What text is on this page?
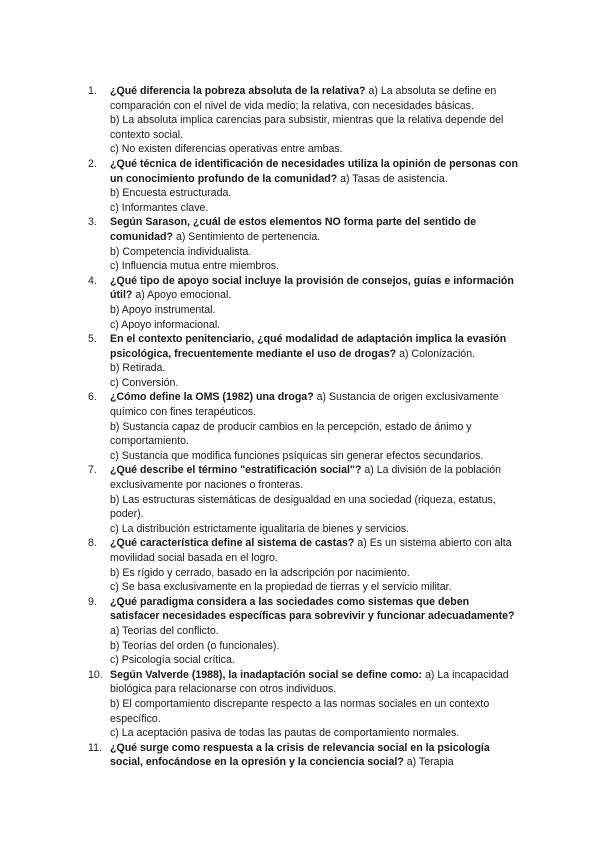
1. ¿Qué diferencia la pobreza absoluta de la relativa? a) La absoluta se define en comparación con el nivel de vida medio; la relativa, con necesidades básicas.
b) La absoluta implica carencias para subsistir, mientras que la relativa depende del contexto social.
c) No existen diferencias operativas entre ambas.
2. ¿Qué técnica de identificación de necesidades utiliza la opinión de personas con un conocimiento profundo de la comunidad? a) Tasas de asistencia.
b) Encuesta estructurada.
c) Informantes clave.
3. Según Sarason, ¿cuál de estos elementos NO forma parte del sentido de comunidad? a) Sentimiento de pertenencia.
b) Competencia individualista.
c) Influencia mutua entre miembros.
4. ¿Qué tipo de apoyo social incluye la provisión de consejos, guías e información útil? a) Apoyo emocional.
b) Apoyo instrumental.
c) Apoyo informacional.
5. En el contexto penitenciario, ¿qué modalidad de adaptación implica la evasión psicológica, frecuentemente mediante el uso de drogas? a) Colonización.
b) Retirada.
c) Conversión.
6. ¿Cómo define la OMS (1982) una droga? a) Sustancia de origen exclusivamente químico con fines terapéuticos.
b) Sustancia capaz de producir cambios en la percepción, estado de ánimo y comportamiento.
c) Sustancia que modifica funciones psíquicas sin generar efectos secundarios.
7. ¿Qué describe el término "estratificación social"? a) La división de la población exclusivamente por naciones o fronteras.
b) Las estructuras sistemáticas de desigualdad en una sociedad (riqueza, estatus, poder).
c) La distribución estrictamente igualitaria de bienes y servicios.
8. ¿Qué característica define al sistema de castas? a) Es un sistema abierto con alta movilidad social basada en el logro.
b) Es rígido y cerrado, basado en la adscripción por nacimiento.
c) Se basa exclusivamente en la propiedad de tierras y el servicio militar.
9. ¿Qué paradigma considera a las sociedades como sistemas que deben satisfacer necesidades específicas para sobrevivir y funcionar adecuadamente? a) Teorías del conflicto.
b) Teorías del orden (o funcionales).
c) Psicología social crítica.
10. Según Valverde (1988), la inadaptación social se define como: a) La incapacidad biológica para relacionarse con otros individuos.
b) El comportamiento discrepante respecto a las normas sociales en un contexto específico.
c) La aceptación pasiva de todas las pautas de comportamiento normales.
11. ¿Qué surge como respuesta a la crisis de relevancia social en la psicología social, enfocándose en la opresión y la conciencia social? a) Terapia
